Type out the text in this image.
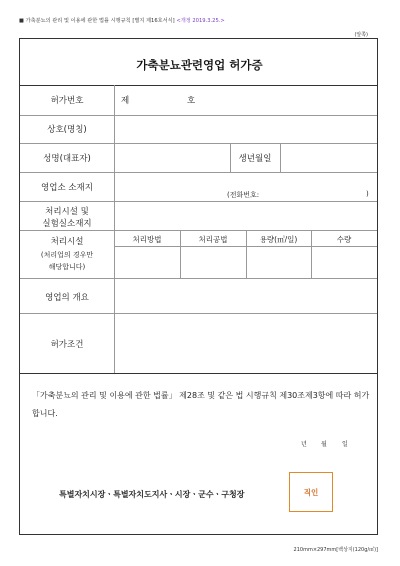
■ 가축분뇨의 관리 및 이용에 관한 법률 시행규칙 [별지 제16호서식] <개정 2019.3.25.>
(앞쪽)
가축분뇨관련영업 허가증
허가번호	제	호
상호(명칭)
성명(대표자)	생년월일
영업소 소재지
(전화번호:	)
처리시설 및
실험실소재지
처리시설
(처리업의 경우만
해당합니다)
처리방법	처리공법	용량(㎥/일)	수량
영업의 개요
허가조건
「가축분뇨의 관리 및 이용에 관한 법률」 제28조 및 같은 법 시행규칙 제30조제3항에 따라 허가합니다.
년 월	일
특별자치시장ㆍ특별자치도지사ㆍ시장ㆍ군수ㆍ구청장	직인
210mm×297mm[백상지(120g/㎡)]
